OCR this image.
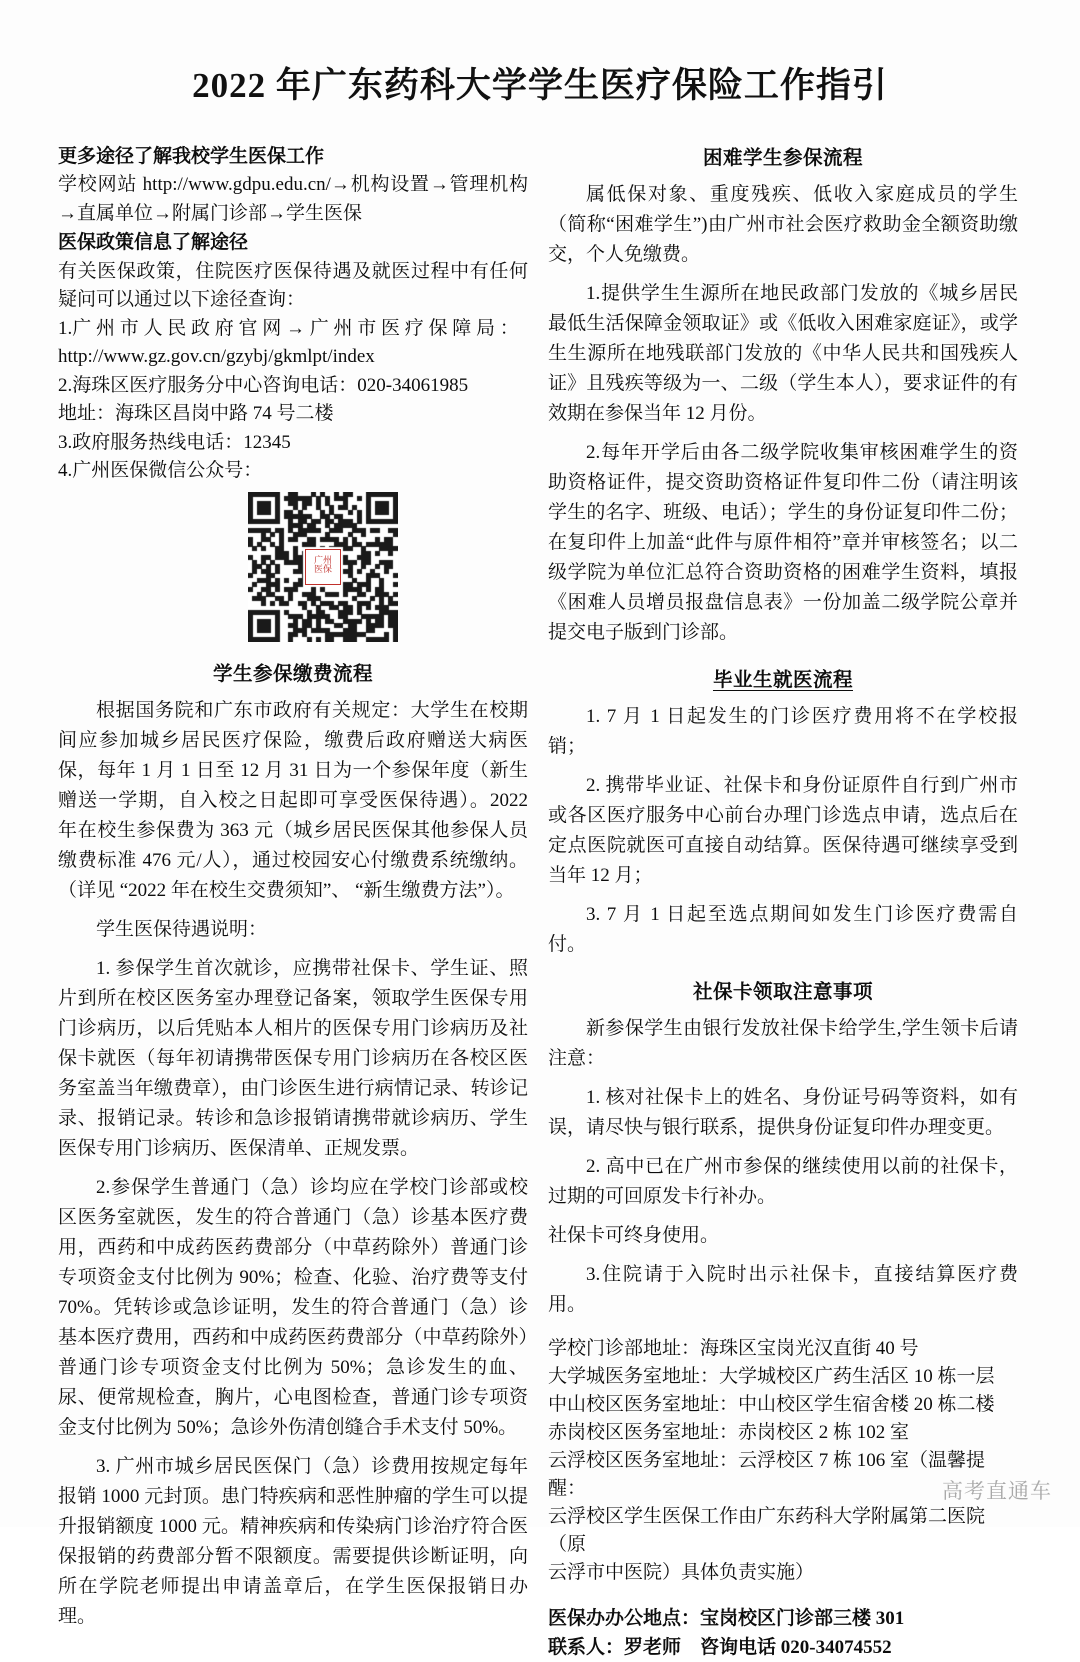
2022 年广东药科大学学生医疗保险工作指引
更多途径了解我校学生医保工作

学校网站 http://www.gdpu.edu.cn/→机构设置→管理机构→直属单位→附属门诊部→学生医保

医保政策信息了解途径

有关医保政策，住院医疗医保待遇及就医过程中有任何疑问可以通过以下途径查询：

1.广 州 市 人 民 政 府 官 网 → 广 州 市 医 疗 保 障 局 ：

http://www.gz.gov.cn/gzybj/gkmlpt/index

2.海珠区医疗服务分中心咨询电话：020-34061985

地址：海珠区昌岗中路 74 号二楼

3.政府服务热线电话：12345

4.广州医保微信公众号：

广州
医保
学生参保缴费流程

根据国务院和广东市政府有关规定：大学生在校期间应参加城乡居民医疗保险，缴费后政府赠送大病医保，每年 1 月 1 日至 12 月 31 日为一个参保年度（新生赠送一学期，自入校之日起即可享受医保待遇）。2022 年在校生参保费为 363 元（城乡居民医保其他参保人员缴费标准 476 元/人），通过校园安心付缴费系统缴纳。（详见 “2022 年在校生交费须知”、 “新生缴费方法”）。

学生医保待遇说明：

1. 参保学生首次就诊，应携带社保卡、学生证、照片到所在校区医务室办理登记备案，领取学生医保专用门诊病历，以后凭贴本人相片的医保专用门诊病历及社保卡就医（每年初请携带医保专用门诊病历在各校区医务室盖当年缴费章），由门诊医生进行病情记录、转诊记录、报销记录。转诊和急诊报销请携带就诊病历、学生医保专用门诊病历、医保清单、正规发票。

2.参保学生普通门（急）诊均应在学校门诊部或校区医务室就医，发生的符合普通门（急）诊基本医疗费用，西药和中成药医药费部分（中草药除外）普通门诊专项资金支付比例为 90%；检查、化验、治疗费等支付 70%。凭转诊或急诊证明，发生的符合普通门（急）诊基本医疗费用，西药和中成药医药费部分（中草药除外）普通门诊专项资金支付比例为 50%；急诊发生的血、尿、便常规检查，胸片，心电图检查，普通门诊专项资金支付比例为 50%；急诊外伤清创缝合手术支付 50%。

3. 广州市城乡居民医保门（急）诊费用按规定每年报销 1000 元封顶。患门特疾病和恶性肿瘤的学生可以提升报销额度 1000 元。精神疾病和传染病门诊治疗符合医保报销的药费部分暂不限额度。需要提供诊断证明，向所在学院老师提出申请盖章后，在学生医保报销日办理。

困难学生参保流程

属低保对象、重度残疾、低收入家庭成员的学生（简称“困难学生”)由广州市社会医疗救助金全额资助缴交，个人免缴费。

1.提供学生生源所在地民政部门发放的《城乡居民最低生活保障金领取证》或《低收入困难家庭证》，或学生生源所在地残联部门发放的《中华人民共和国残疾人证》且残疾等级为一、二级（学生本人），要求证件的有效期在参保当年 12 月份。

2.每年开学后由各二级学院收集审核困难学生的资助资格证件，提交资助资格证件复印件二份（请注明该学生的名字、班级、电话）；学生的身份证复印件二份；在复印件上加盖“此件与原件相符”章并审核签名；以二级学院为单位汇总符合资助资格的困难学生资料，填报《困难人员增员报盘信息表》一份加盖二级学院公章并提交电子版到门诊部。

毕业生就医流程

1. 7 月 1 日起发生的门诊医疗费用将不在学校报销；

2. 携带毕业证、社保卡和身份证原件自行到广州市或各区医疗服务中心前台办理门诊选点申请，选点后在定点医院就医可直接自动结算。医保待遇可继续享受到当年 12 月；

3. 7 月 1 日起至选点期间如发生门诊医疗费需自付。

社保卡领取注意事项

新参保学生由银行发放社保卡给学生,学生领卡后请注意：

1. 核对社保卡上的姓名、身份证号码等资料，如有误，请尽快与银行联系，提供身份证复印件办理变更。

2. 高中已在广州市参保的继续使用以前的社保卡，过期的可回原发卡行补办。

社保卡可终身使用。

3.住院请于入院时出示社保卡，直接结算医疗费用。

学校门诊部地址：海珠区宝岗光汉直街 40 号

大学城医务室地址：大学城校区广药生活区 10 栋一层

中山校区医务室地址：中山校区学生宿舍楼 20 栋二楼

赤岗校区医务室地址：赤岗校区 2 栋 102 室

云浮校区医务室地址：云浮校区 7 栋 106 室（温馨提醒：

云浮校区学生医保工作由广东药科大学附属第二医院（原

云浮市中医院）具体负责实施）

医保办办公地点：宝岗校区门诊部三楼 301

联系人：罗老师　咨询电话 020-34074552

高考直通车
